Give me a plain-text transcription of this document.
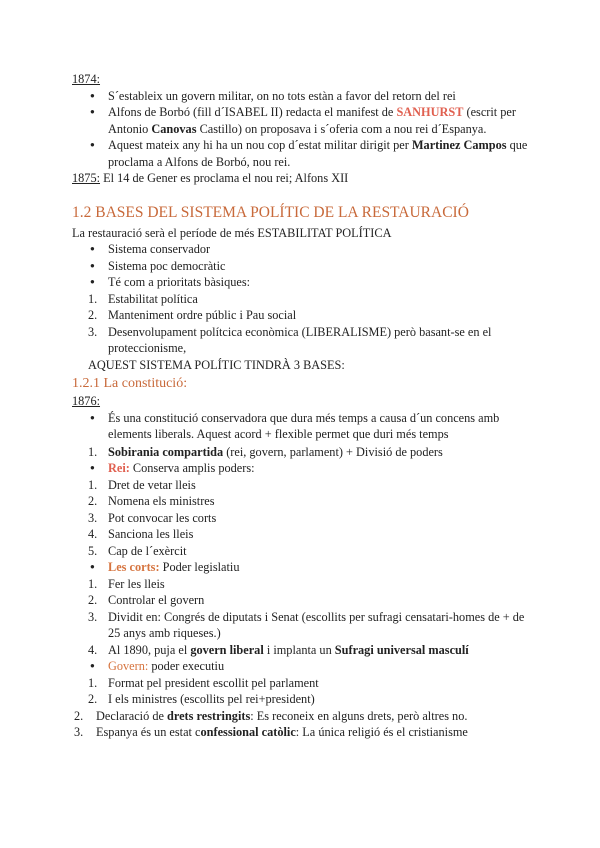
1874:
● S´estableix un govern militar, on no tots estàn a favor del retorn del rei
● Alfons de Borbó (fill d´ISABEL II) redacta el manifest de SANHURST (escrit per Antonio Canovas Castillo) on proposava i s´oferia com a nou rei d´Espanya.
● Aquest mateix any hi ha un nou cop d´estat militar dirigit per Martinez Campos que proclama a Alfons de Borbó, nou rei.
1875: El 14 de Gener es proclama el nou rei; Alfons XII
1.2 BASES DEL SISTEMA POLÍTIC DE LA RESTAURACIÓ
La restauració serà el període de més ESTABILITAT POLÍTICA
● Sistema conservador
● Sistema poc democràtic
● Té com a prioritats bàsiques:
1. Estabilitat política
2. Manteniment ordre públic i Pau social
3. Desenvolupament polítcica econòmica (LIBERALISME) però basant-se en el proteccionisme,
AQUEST SISTEMA POLÍTIC TINDRÀ 3 BASES:
1.2.1 La constitució:
1876:
● És una constitució conservadora que dura més temps a causa d´un concens amb elements liberals. Aquest acord + flexible permet que duri més temps
1. Sobirania compartida (rei, govern, parlament) + Divisió de poders
● Rei: Conserva amplis poders:
1. Dret de vetar lleis
2. Nomena els ministres
3. Pot convocar les corts
4. Sanciona les lleis
5. Cap de l´exèrcit
● Les corts: Poder legislatiu
1. Fer les lleis
2. Controlar el govern
3. Dividit en: Congrés de diputats i Senat (escollits per sufragi censatari-homes de + de 25 anys amb riqueses.)
4. Al 1890, puja el govern liberal i implanta un Sufragi universal masculí
● Govern: poder executiu
1. Format pel president escollit pel parlament
2. I els ministres (escollits pel rei+president)
2. Declaració de drets restringits: Es reconeix en alguns drets, però altres no.
3. Espanya és un estat confessional catòlic: La única religió és el cristianisme
